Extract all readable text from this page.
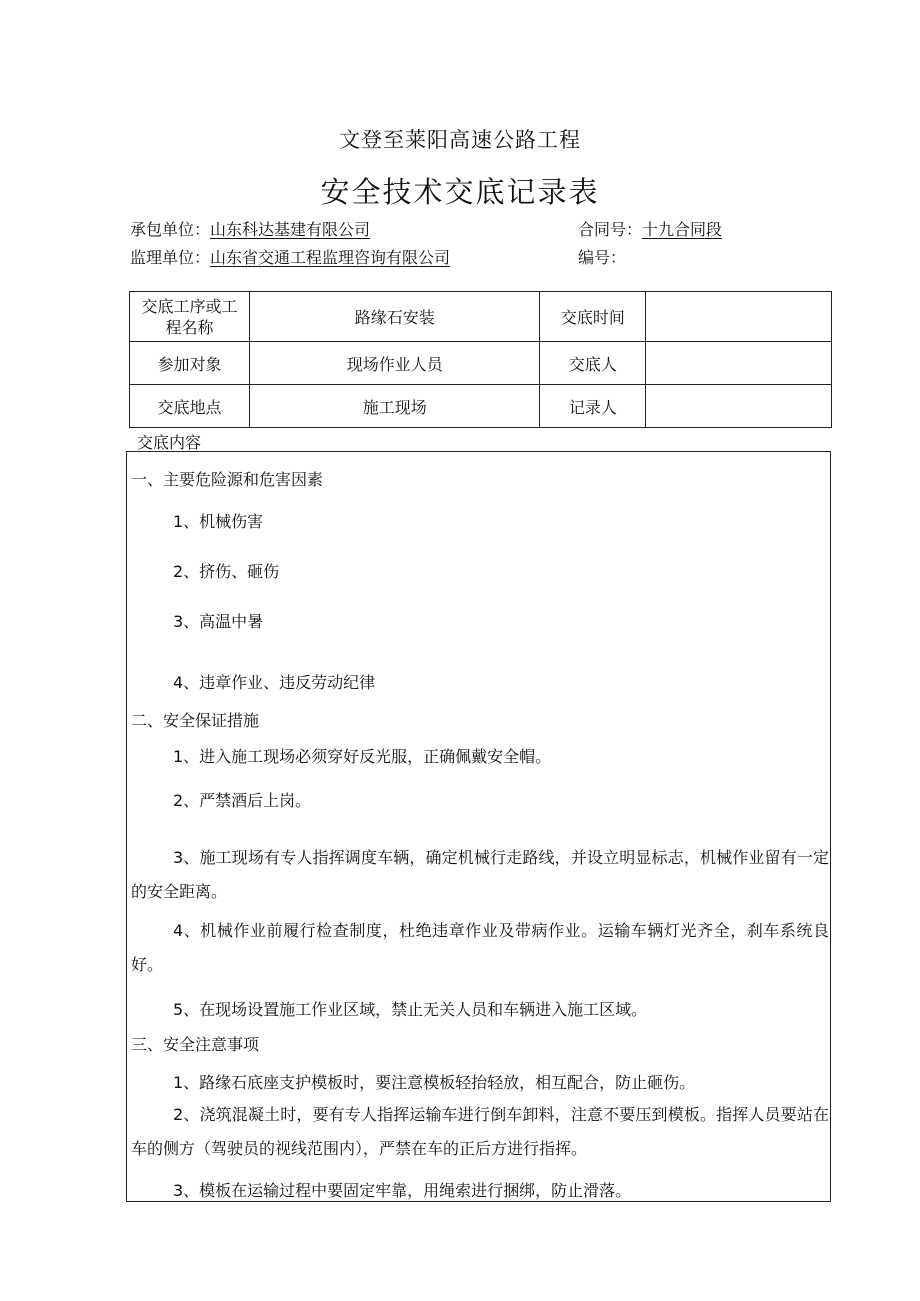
文登至莱阳高速公路工程
安全技术交底记录表
承包单位：山东科达基建有限公司	合同号：十九合同段
监理单位：山东省交通工程监理咨询有限公司	编号：
交底工序或工程名称	路缘石安装	交底时间	
参加对象	现场作业人员	交底人	
交底地点	施工现场	记录人	
交底内容
一、主要危险源和危害因素
1、机械伤害
2、挤伤、砸伤
3、高温中暑
4、违章作业、违反劳动纪律
二、安全保证措施
1、进入施工现场必须穿好反光服，正确佩戴安全帽。
2、严禁酒后上岗。
3、施工现场有专人指挥调度车辆，确定机械行走路线，并设立明显标志，机械作业留有一定的安全距离。
4、机械作业前履行检查制度，杜绝违章作业及带病作业。运输车辆灯光齐全，刹车系统良好。
5、在现场设置施工作业区域，禁止无关人员和车辆进入施工区域。
三、安全注意事项
1、路缘石底座支护模板时，要注意模板轻抬轻放，相互配合，防止砸伤。
2、浇筑混凝土时，要有专人指挥运输车进行倒车卸料，注意不要压到模板。指挥人员要站在车的侧方（驾驶员的视线范围内），严禁在车的正后方进行指挥。
3、模板在运输过程中要固定牢靠，用绳索进行捆绑，防止滑落。
